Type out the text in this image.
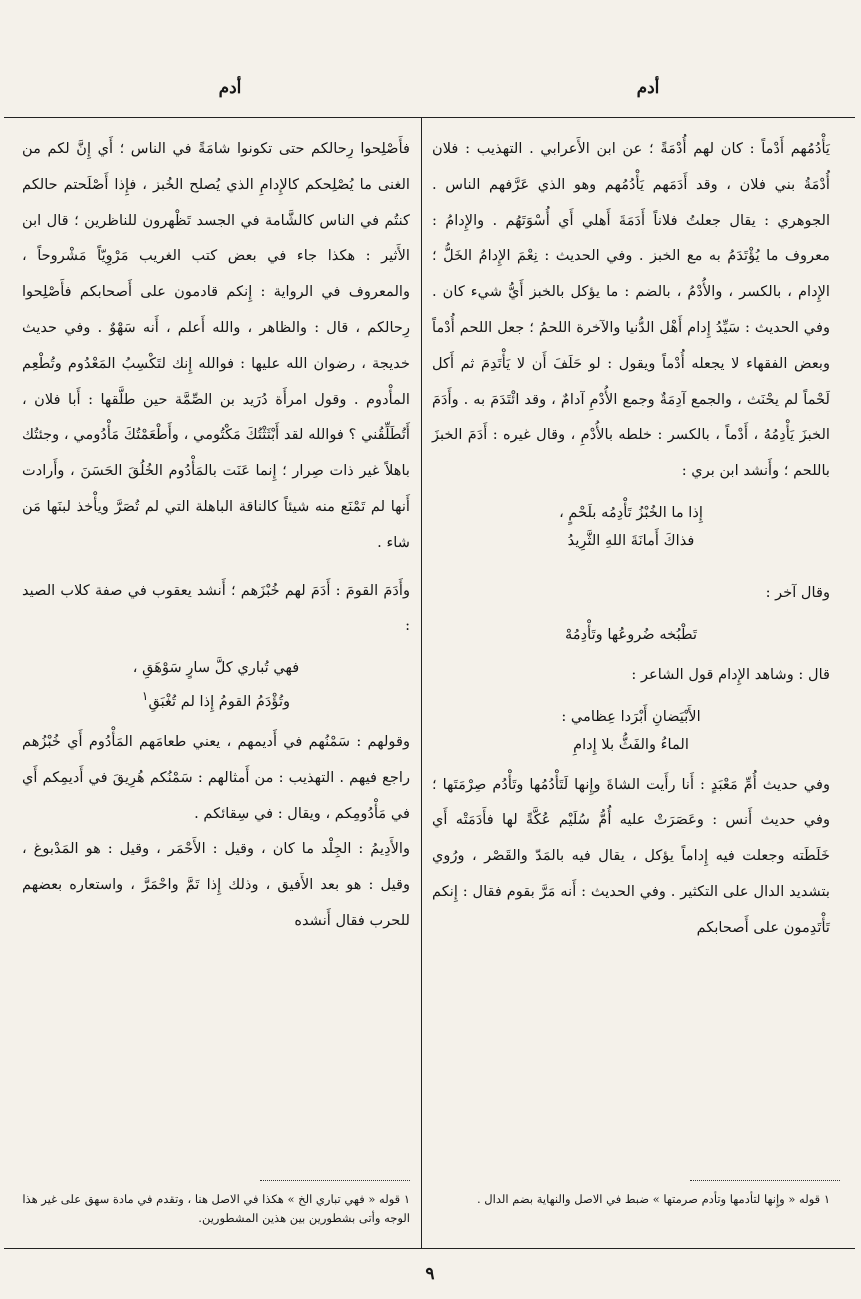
أدم
أدم

يَأْدُمُهم أَدْماً : كان لهم أُدْمَةً ؛ عن ابن الأَعرابي . التهذيب : فلان أُدْمَةُ بني فلان ، وقد أَدَمَهم يَأْدُمُهم وهو الذي عَرَّفهم الناس . الجوهري : يقال جعلتُ فلاناً أَدَمَةَ أَهلي أَي أُسْوَتَهُم . والإِدامُ : معروف ما يُؤْتَدَمُ به مع الخبز . وفي الحديث : نِعْمَ الإِدامُ الخَلُّ ؛ الإِدام ، بالكسر ، والأُدْمُ ، بالضم : ما يؤكل بالخبز أَيُّ شيء كان . وفي الحديث : سَيِّدُ إِدام أَهْل الدُّنيا والآخرة اللحمُ ؛ جعل اللحم أُدْماً وبعض الفقهاء لا يجعله أُدْماً ويقول : لو حَلَفَ أَن لا يَأْتَدِمَ ثم أَكل لَحْماً لم يحْنَث ، والجمع آدِمَةٌ وجمع الأُدْمِ آدامٌ ، وقد ائْتَدَمَ به . وأَدَمَ الخبزَ يَأْدِمُهُ ، أَدْماً ، بالكسر : خلطه بالأُدْمِ ، وقال غيره : أَدَمَ الخبزَ باللحم ؛ وأَنشد ابن بري :

إِذا ما الخُبْزُ تَأْدِمُه بلَحْمٍ ،
فذاكَ أَمانَةَ اللهِ الثَّرِيدُ

وقال آخر :

تَطْبُخه ضُروعُها وتَأْدِمُهْ

قال : وشاهد الإِدام قول الشاعر :

الأَبْيَضانِ أَبْرَدا عِظامي :
الماءُ والفَثُّ بلا إِدامِ

وفي حديث أُمِّ مَعْبَدٍ : أَنا رأَيت الشاةَ وإِنها لَتَأْدُمُها وتَأْدُم صِرْمَتَها ؛ وفي حديث أَنس : وعَصَرَتْ عليه أُمُّ سُلَيْم عُكَّةً لها فأَدَمَتْه أَي خَلَطَته وجعلت فيه إِداماً يؤكل ، يقال فيه بالمَدّ والقَصْر ، ورُوي بتشديد الدال على التكثير . وفي الحديث : أَنه مَرَّ بقوم فقال : إِنكم تَأْتَدِمون على أَصحابكم

فأَصْلِحوا رِحالكم حتى تكونوا شامَةً في الناس ؛ أَي إِنَّ لكم من الغنى ما يُصْلِحكم كالإِدامِ الذي يُصلح الخُبز ، فإِذا أَصْلَحتم حالكم كنتُم في الناس كالشَّامة في الجسد تَظْهرون للناظرين ؛ قال ابن الأَثير : هكذا جاء في بعض كتب الغريب مَرْوِيّاً مَشْروحاً ، والمعروف في الرواية : إِنكم قادمون على أَصحابكم فأَصْلِحوا رِحالكم ، قال : والظاهر ، والله أَعلم ، أَنه سَهْوٌ . وفي حديث خديجة ، رضوان الله عليها : فوالله إِنك لتَكْسِبُ المَعْدُوم وتُطْعِم المأْدوم . وقول امرأَة دُرَيد بن الصِّمَّة حين طلَّقها : أَبا فلان ، أَتُطَلِّقُني ؟ فوالله لقد أَبْثَثْتُكَ مَكْتُومي ، وأَطْعَمْتُكَ مَأْدُومي ، وجئتُك باهلاً غير ذات صِرار ؛ إِنما عَنَت بالمَأْدُوم الخُلُقَ الحَسَنَ ، وأَرادت أَنها لم تَمْنَع منه شيئاً كالناقة الباهلة التي لم تُصَرَّ ويأْخذ لبنَها مَن شاء .

وأَدَمَ القومَ : أَدَمَ لهم خُبْزَهم ؛ أَنشد يعقوب في صفة كلاب الصيد :

فهي تُباري كلَّ سارٍ سَوْهَقِ ،
وتُؤْدَمُ القومُ إِذا لم تُغْبَقِ$^١$

وقولهم : سَمْنُهم في أَديمهم ، يعني طعامَهم المَأْدُوم أَي خُبْزُهم راجع فيهم . التهذيب : من أَمثالهم : سَمْنُكم هُرِيقَ في أَديمِكم أَي في مَأْدُومِكم ، ويقال : في سِقائكم .

والأَدِيمُ : الجِلْد ما كان ، وقيل : الأَحْمَر ، وقيل : هو المَدْبوغ ، وقيل : هو بعد الأَفيق ، وذلك إِذا تَمَّ واحْمَرَّ ، واستعاره بعضهم للحرب فقال أَنشده

١ قوله « وإِنها لتأدمها وتأدم صرمتها » ضبط في الاصل والنهاية بضم الدال .
١ قوله « فهي تباري الخ » هكذا في الاصل هنا ، وتقدم في مادة سهق على غير هذا الوجه وأتى بشطورين بين هذين المشطورين.
٩
